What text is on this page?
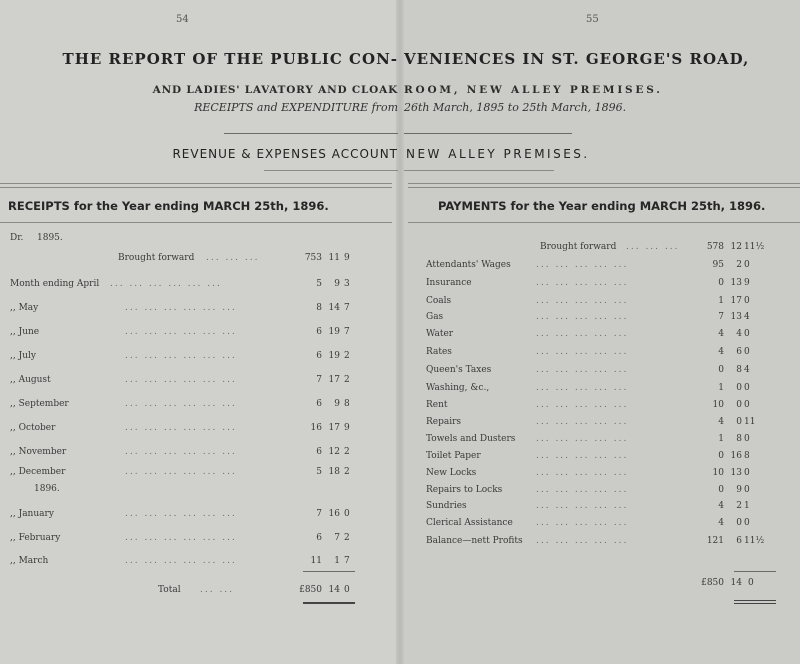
54	55
THE REPORT OF THE PUBLIC CON- VENIENCES IN ST. GEORGE'S ROAD,
AND LADIES' LAVATORY AND CLOAK ROOM, NEW ALLEY PREMISES.
RECEIPTS and EXPENDITURE from 26th March, 1895 to 25th March, 1896.
REVENUE & EXPENSES ACCOUNT NEW ALLEY PREMISES.
RECEIPTS for the Year ending MARCH 25th, 1896.	PAYMENTS for the Year ending MARCH 25th, 1896.
Dr. 1895.
1896.
Brought forward ... ... ...	753 11 9
Month ending April ... ... ... ... ... ...	5	9 3
,, May	... ... ... ... ... ...	8 14 7
,, June	... ... ... ... ... ...	6 19 7
,, July	... ... ... ... ... ...	6 19 2
,, August	... ... ... ... ... ...	7 17 2
,, September	... ... ... ... ... ...	6	9 8
,, October	... ... ... ... ... ...	16 17 9
,, November	... ... ... ... ... ...	6 12 2
,, December	... ... ... ... ... ...	5 18 2
,, January	... ... ... ... ... ...	7 16 0
,, February	... ... ... ... ... ...	6	7 2
,, March	... ... ... ... ... ...	11	1 7
Total ... ...	£850 14 0
Brought forward ... ... ...	578 12 11½
Attendants' Wages	... ... ... ... ...	95	2 0
Insurance	... ... ... ... ...	0 13 9
Coals	... ... ... ... ...	1 17 0
Gas	... ... ... ... ...	7 13 4
Water	... ... ... ... ...	4	4 0
Rates	... ... ... ... ...	4	6 0
Queen's Taxes	... ... ... ... ...	0	8 4
Washing, &c.,	... ... ... ... ...	1	0 0
Rent	... ... ... ... ...	10	0 0
Repairs	... ... ... ... ...	4	0 11
Towels and Dusters ... ... ... ... ...	1	8 0
Toilet Paper	... ... ... ... ...	0 16 8
New Locks	... ... ... ... ...	10 13 0
Repairs to Locks	... ... ... ... ...	0	9 0
Sundries	... ... ... ... ...	4	2 1
Clerical Assistance	... ... ... ... ...	4	0 0
Balance—nett Profits ... ... ... ... ...	121	6 11½
£850 14 0
